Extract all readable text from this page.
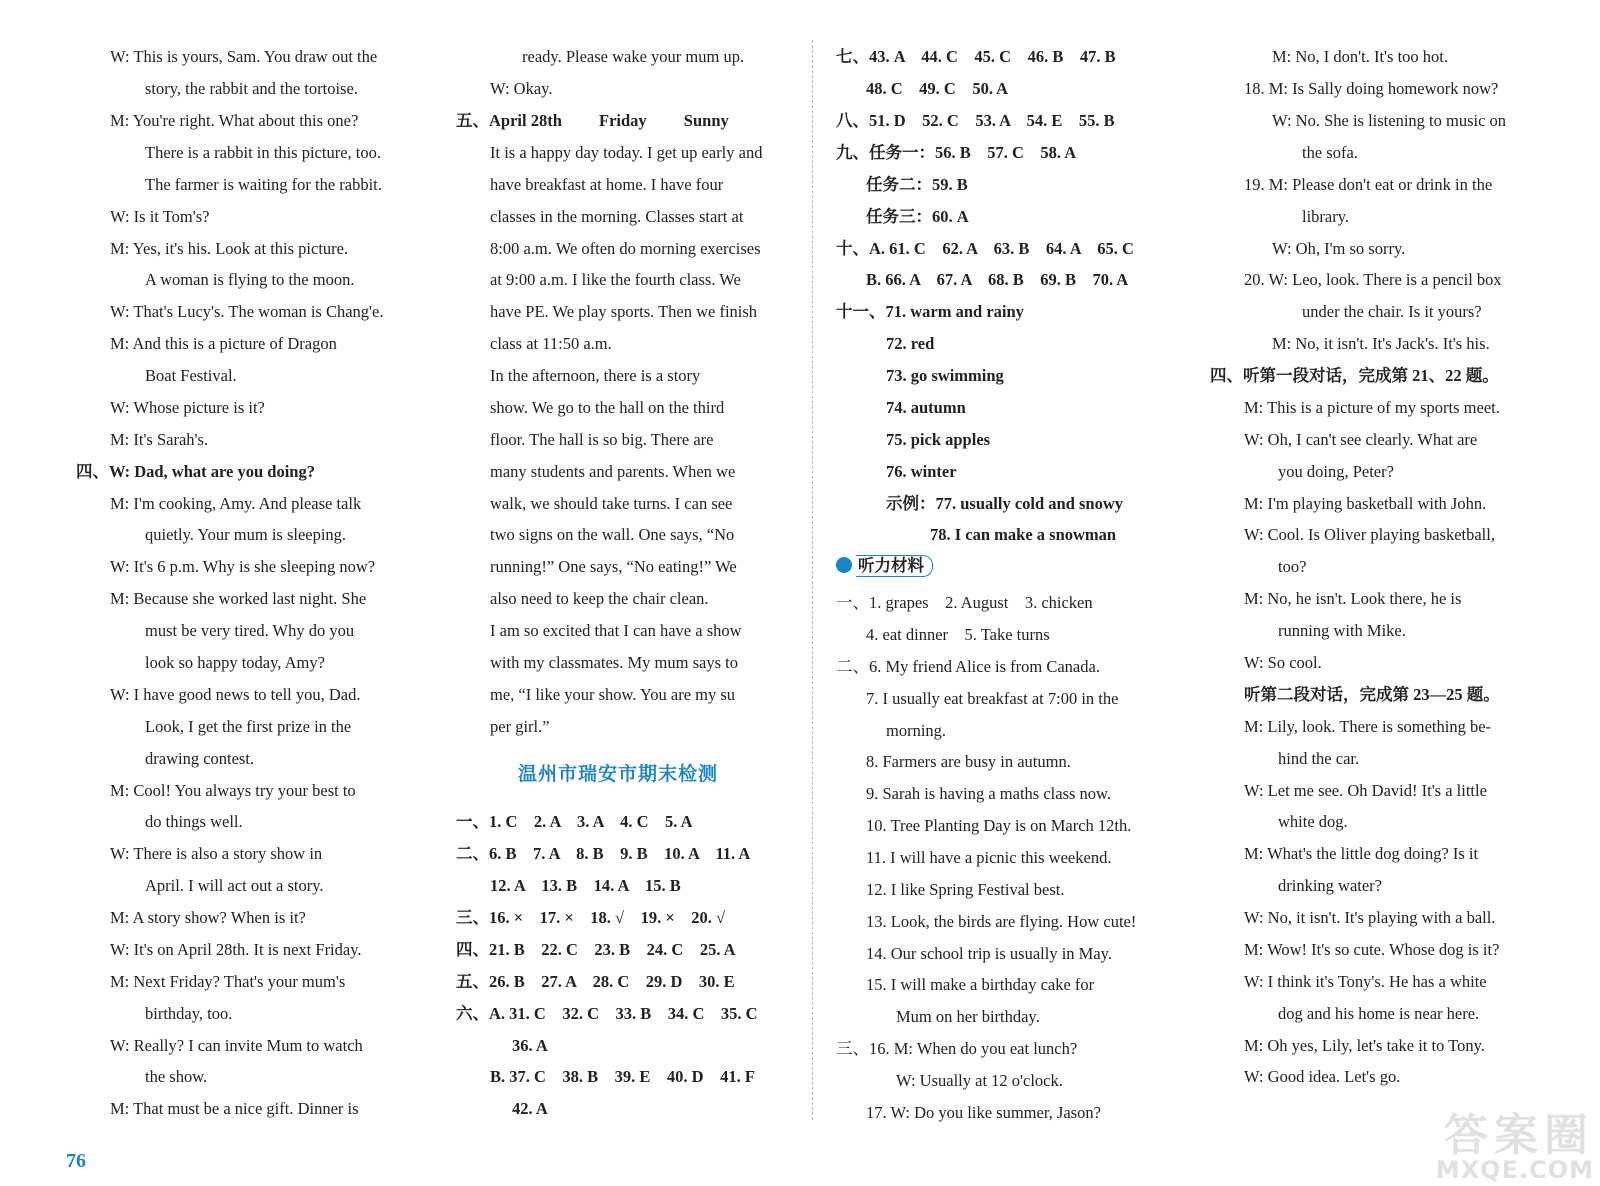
W: This is yours, Sam. You draw out the
story, the rabbit and the tortoise.
M: You're right. What about this one?
There is a rabbit in this picture, too.
The farmer is waiting for the rabbit.
W: Is it Tom's?
M: Yes, it's his. Look at this picture.
A woman is flying to the moon.
W: That's Lucy's. The woman is Chang'e.
M: And this is a picture of Dragon
Boat Festival.
W: Whose picture is it?
M: It's Sarah's.
四、W: Dad, what are you doing?
M: I'm cooking, Amy. And please talk
quietly. Your mum is sleeping.
W: It's 6 p.m. Why is she sleeping now?
M: Because she worked last night. She
must be very tired. Why do you
look so happy today, Amy?
W: I have good news to tell you, Dad.
Look, I get the first prize in the
drawing contest.
M: Cool! You always try your best to
do things well.
W: There is also a story show in
April. I will act out a story.
M: A story show? When is it?
W: It's on April 28th. It is next Friday.
M: Next Friday? That's your mum's
birthday, too.
W: Really? I can invite Mum to watch
the show.
M: That must be a nice gift. Dinner is
ready. Please wake your mum up.
W: Okay.
五、April 28th　　 Friday　　 Sunny
It is a happy day today. I get up early and
have breakfast at home. I have four
classes in the morning. Classes start at
8:00 a.m. We often do morning exercises
at 9:00 a.m. I like the fourth class. We
have PE. We play sports. Then we finish
class at 11:50 a.m.
In the afternoon, there is a story
show. We go to the hall on the third
floor. The hall is so big. There are
many students and parents. When we
walk, we should take turns. I can see
two signs on the wall. One says, “No
running!” One says, “No eating!” We
also need to keep the chair clean.
I am so excited that I can have a show
with my classmates. My mum says to
me, “I like your show. You are my su
per girl.”
温州市瑞安市期末检测
一、1. C　2. A　3. A　4. C　5. A
二、6. B　7. A　8. B　9. B　10. A　11. A
12. A　13. B　14. A　15. B
三、16. ×　17. ×　18. √　19. ×　20. √
四、21. B　22. C　23. B　24. C　25. A
五、26. B　27. A　28. C　29. D　30. E
六、A. 31. C　32. C　33. B　34. C　35. C
36. A
B. 37. C　38. B　39. E　40. D　41. F
42. A
七、43. A　44. C　45. C　46. B　47. B
48. C　49. C　50. A
八、51. D　52. C　53. A　54. E　55. B
九、任务一：56. B　57. C　58. A
任务二：59. B
任务三：60. A
十、A. 61. C　62. A　63. B　64. A　65. C
B. 66. A　67. A　68. B　69. B　70. A
十一、71. warm and rainy
72. red
73. go swimming
74. autumn
75. pick apples
76. winter
示例：77. usually cold and snowy
78. I can make a snowman
听力材料
一、1. grapes　2. August　3. chicken
4. eat dinner　5. Take turns
二、6. My friend Alice is from Canada.
7. I usually eat breakfast at 7:00 in the
morning.
8. Farmers are busy in autumn.
9. Sarah is having a maths class now.
10. Tree Planting Day is on March 12th.
11. I will have a picnic this weekend.
12. I like Spring Festival best.
13. Look, the birds are flying. How cute!
14. Our school trip is usually in May.
15. I will make a birthday cake for
Mum on her birthday.
三、16. M: When do you eat lunch?
W: Usually at 12 o'clock.
17. W: Do you like summer, Jason?
M: No, I don't. It's too hot.
18. M: Is Sally doing homework now?
W: No. She is listening to music on
the sofa.
19. M: Please don't eat or drink in the
library.
W: Oh, I'm so sorry.
20. W: Leo, look. There is a pencil box
under the chair. Is it yours?
M: No, it isn't. It's Jack's. It's his.
四、听第一段对话，完成第 21、22 题。
M: This is a picture of my sports meet.
W: Oh, I can't see clearly. What are
you doing, Peter?
M: I'm playing basketball with John.
W: Cool. Is Oliver playing basketball,
too?
M: No, he isn't. Look there, he is
running with Mike.
W: So cool.
听第二段对话，完成第 23—25 题。
M: Lily, look. There is something be-
hind the car.
W: Let me see. Oh David! It's a little
white dog.
M: What's the little dog doing? Is it
drinking water?
W: No, it isn't. It's playing with a ball.
M: Wow! It's so cute. Whose dog is it?
W: I think it's Tony's. He has a white
dog and his home is near here.
M: Oh yes, Lily, let's take it to Tony.
W: Good idea. Let's go.
76	答案圈
MXQE.COM
